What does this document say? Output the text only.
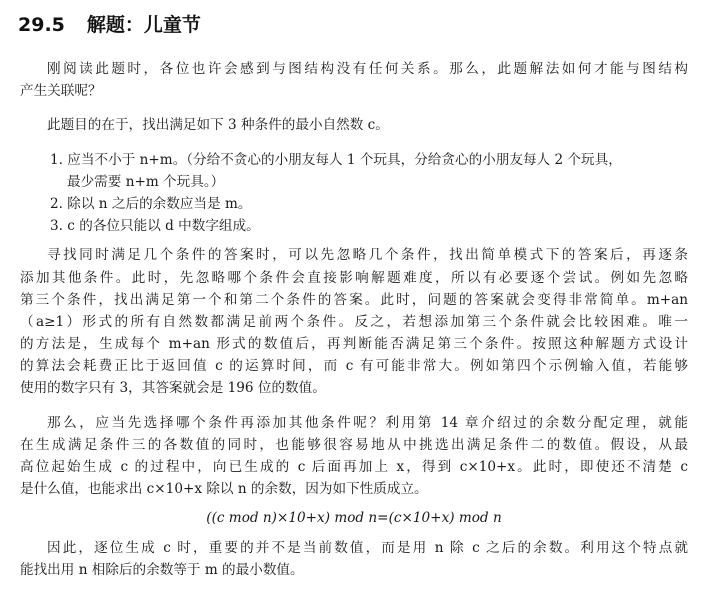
29.5 解题：儿童节
刚阅读此题时，各位也许会感到与图结构没有任何关系。那么，此题解法如何才能与图结构
产生关联呢？
此题目的在于，找出满足如下 3 种条件的最小自然数 c。
1. 应当不小于 n+m。（分给不贪心的小朋友每人 1 个玩具，分给贪心的小朋友每人 2 个玩具，
最少需要 n+m 个玩具。）
2. 除以 n 之后的余数应当是 m。
3. c 的各位只能以 d 中数字组成。
寻找同时满足几个条件的答案时，可以先忽略几个条件，找出简单模式下的答案后，再逐条
添加其他条件。此时，先忽略哪个条件会直接影响解题难度，所以有必要逐个尝试。例如先忽略
第三个条件，找出满足第一个和第二个条件的答案。此时，问题的答案就会变得非常简单。m+an
（a≥1）形式的所有自然数都满足前两个条件。反之，若想添加第三个条件就会比较困难。唯一
的方法是，生成每个 m+an 形式的数值后，再判断能否满足第三个条件。按照这种解题方式设计
的算法会耗费正比于返回值 c 的运算时间，而 c 有可能非常大。例如第四个示例输入值，若能够
使用的数字只有 3，其答案就会是 196 位的数值。
那么，应当先选择哪个条件再添加其他条件呢？利用第 14 章介绍过的余数分配定理，就能
在生成满足条件三的各数值的同时，也能够很容易地从中挑选出满足条件二的数值。假设，从最
高位起始生成 c 的过程中，向已生成的 c 后面再加上 x，得到 c×10+x。此时，即使还不清楚 c
是什么值，也能求出 c×10+x 除以 n 的余数，因为如下性质成立。
((c mod n)×10+x) mod n=(c×10+x) mod n
因此，逐位生成 c 时，重要的并不是当前数值，而是用 n 除 c 之后的余数。利用这个特点就
能找出用 n 相除后的余数等于 m 的最小数值。
